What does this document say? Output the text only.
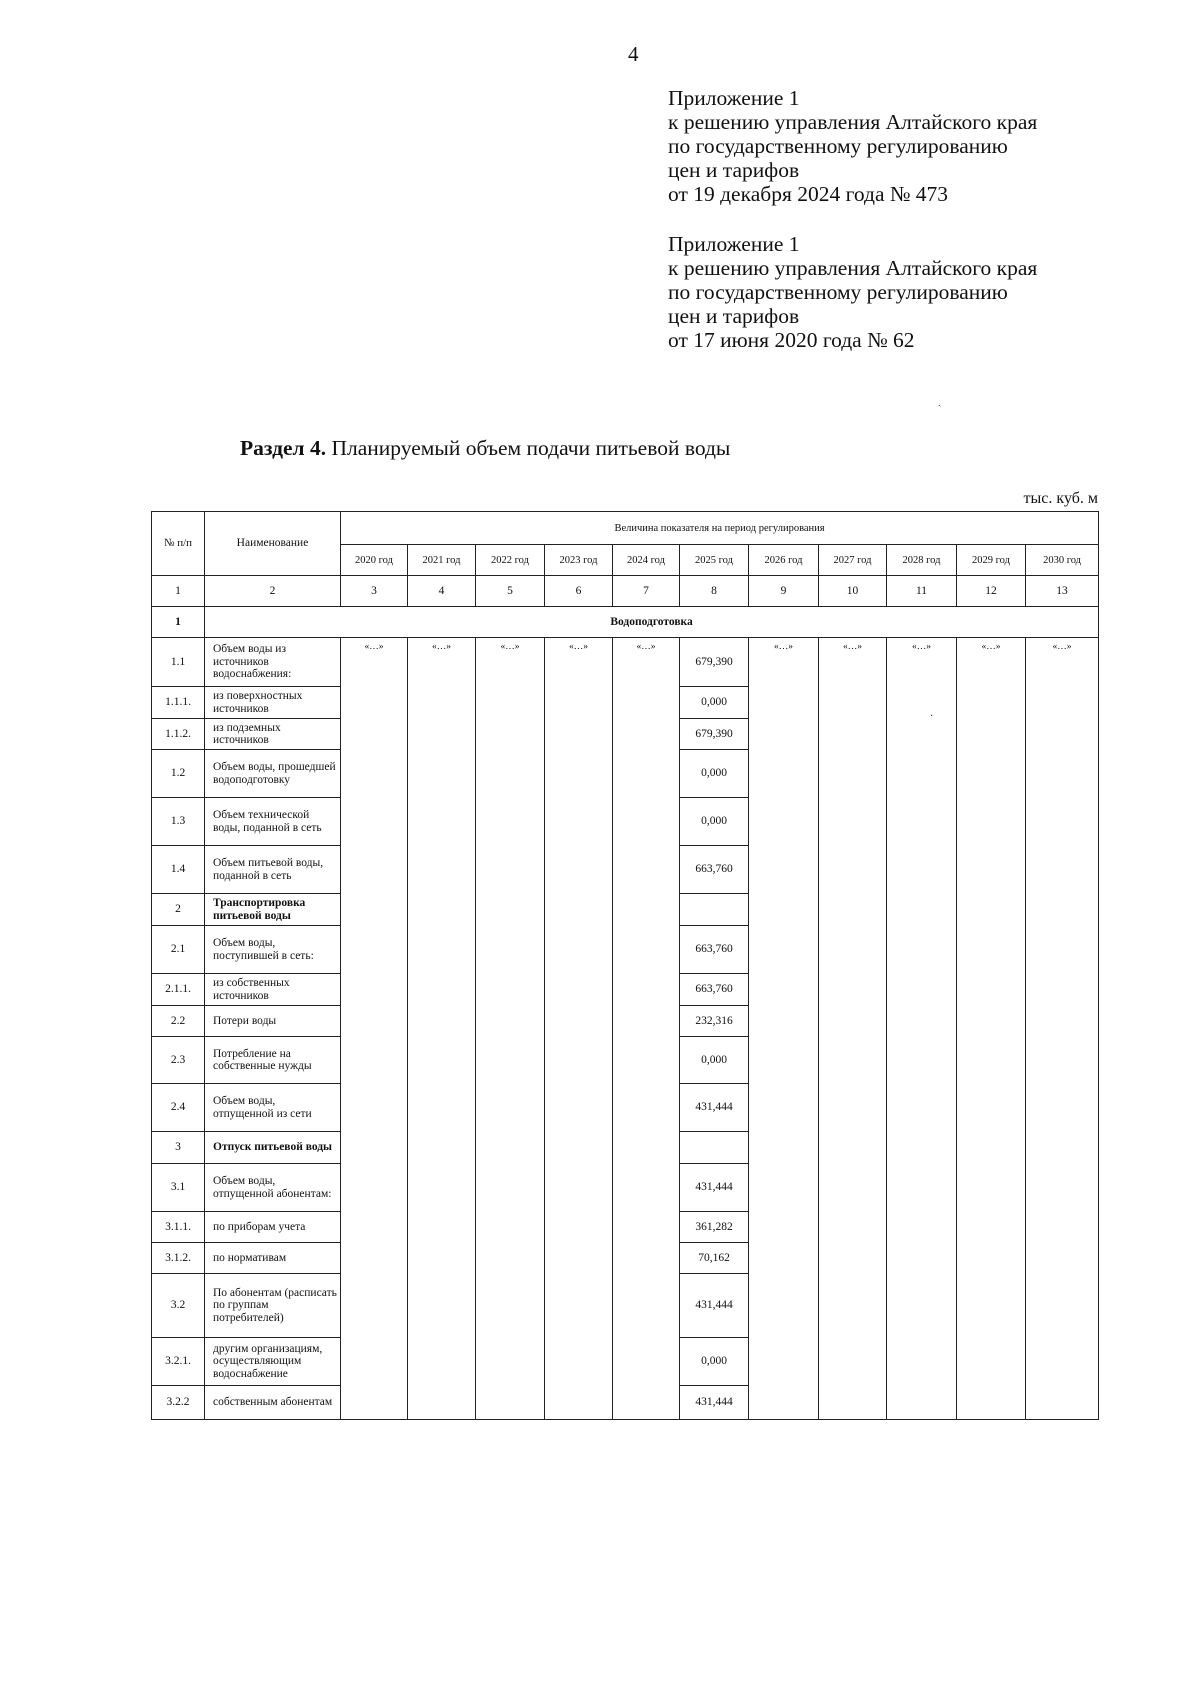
4
Приложение 1
к решению управления Алтайского края
по государственному регулированию
цен и тарифов
от 19 декабря 2024 года № 473
Приложение 1
к решению управления Алтайского края
по государственному регулированию
цен и тарифов
от 17 июня 2020 года № 62
ˏ
Раздел 4. Планируемый объем подачи питьевой воды
тыс. куб. м
№ п/п	Наименование	Величина показателя на период регулирования										
		2020 год	2021 год	2022 год	2023 год	2024 год	2025 год	2026 год	2027 год	2028 год	2029 год	2030 год
1	2	3	4	5	6	7	8	9	10	11	12	13
1	Водоподготовка											
1.1	Объем воды из источников водоснабжения:	«…»	«…»	«…»	«…»	«…»	679,390	«…»	«…»	«…»	«…»	«…»
1.1.1.	из поверхностных источников						0,000					
1.1.2.	из подземных источников						679,390					
1.2	Объем воды, прошедшей водоподготовку						0,000					
1.3	Объем технической воды, поданной в сеть						0,000					
1.4	Объем питьевой воды, поданной в сеть						663,760					
2	Транспортировка питьевой воды											
2.1	Объем воды, поступившей в сеть:						663,760					
2.1.1.	из собственных источников						663,760					
2.2	Потери воды						232,316					
2.3	Потребление на собственные нужды						0,000					
2.4	Объем воды, отпущенной из сети						431,444					
3	Отпуск питьевой воды											
3.1	Объем воды, отпущенной абонентам:						431,444					
3.1.1.	по приборам учета						361,282					
3.1.2.	по нормативам						70,162					
3.2	По абонентам (расписать по группам потребителей)						431,444					
3.2.1.	другим организациям, осуществляющим водоснабжение						0,000					
3.2.2	собственным абонентам						431,444					
·
